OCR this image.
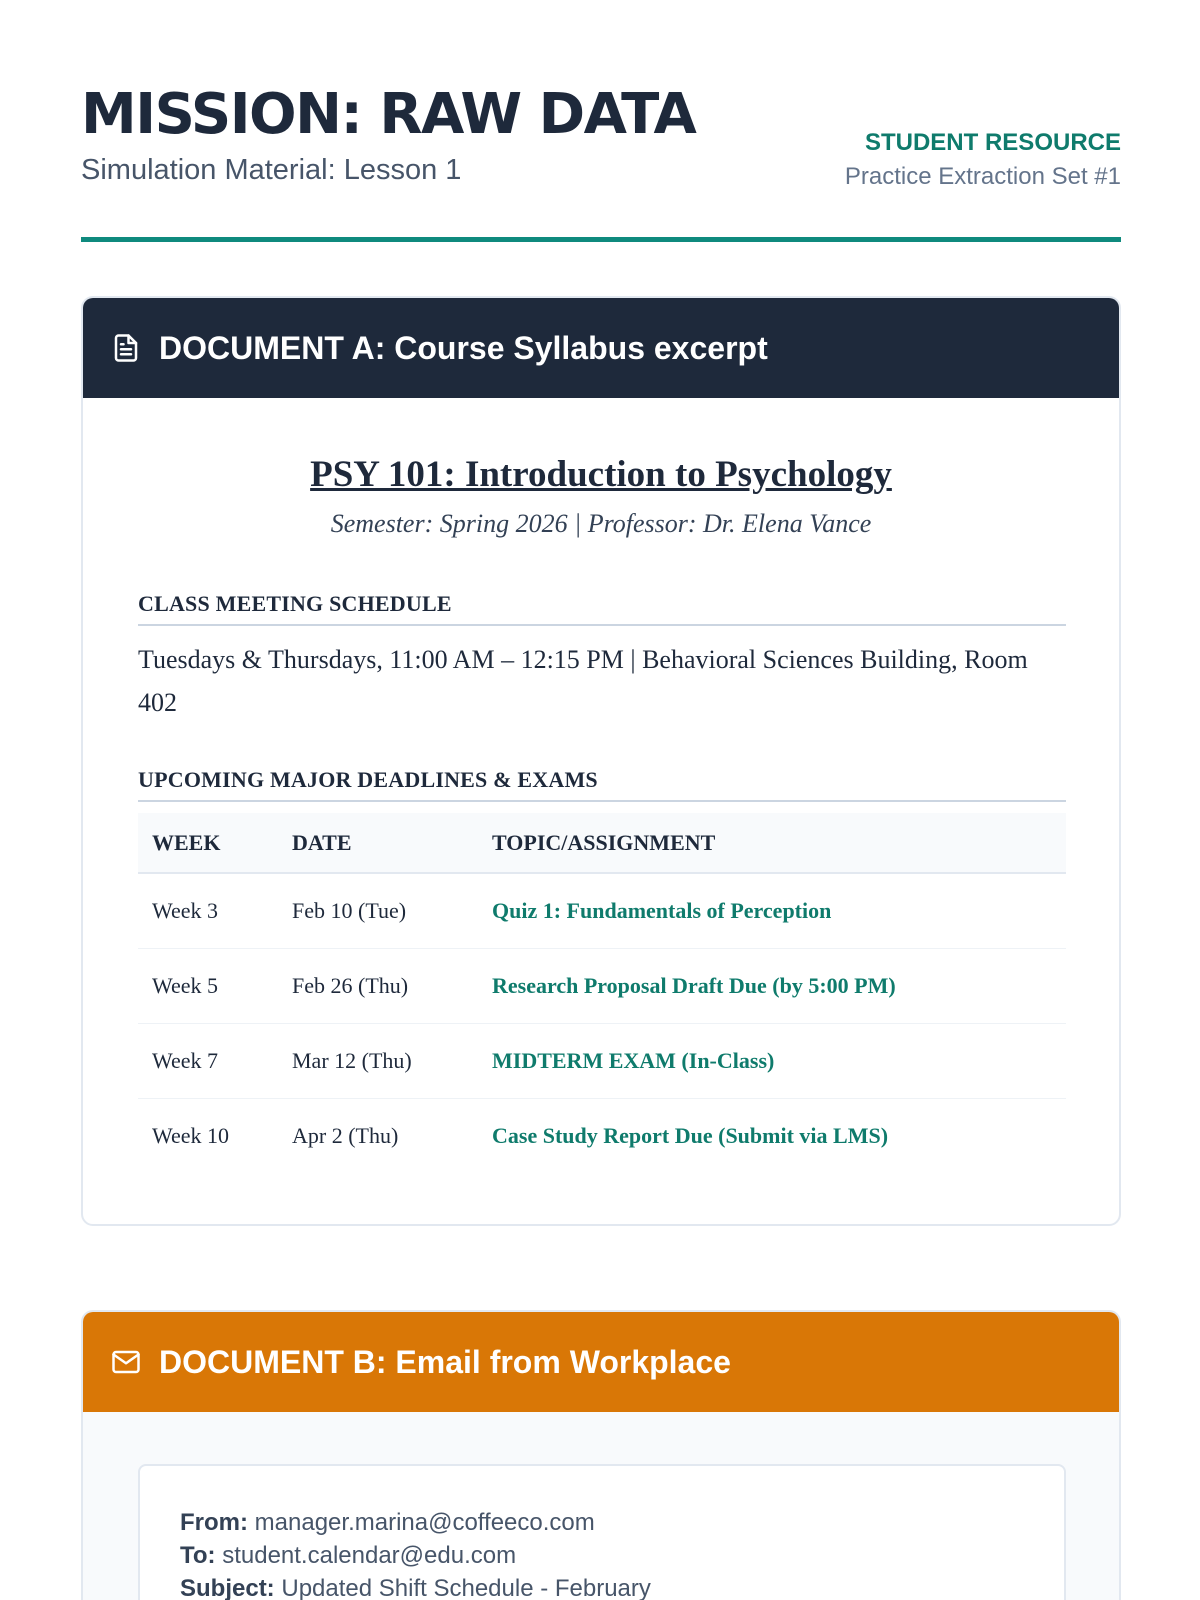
MISSION: RAW DATA
Simulation Material: Lesson 1
STUDENT RESOURCE
Practice Extraction Set #1
DOCUMENT A: Course Syllabus excerpt
PSY 101: Introduction to Psychology
Semester: Spring 2026 | Professor: Dr. Elena Vance
CLASS MEETING SCHEDULE
Tuesdays & Thursdays, 11:00 AM – 12:15 PM | Behavioral Sciences Building, Room 402
UPCOMING MAJOR DEADLINES & EXAMS
WEEK	DATE	TOPIC/ASSIGNMENT
Week 3	Feb 10 (Tue)	Quiz 1: Fundamentals of Perception
Week 5	Feb 26 (Thu)	Research Proposal Draft Due (by 5:00 PM)
Week 7	Mar 12 (Thu)	MIDTERM EXAM (In-Class)
Week 10	Apr 2 (Thu)	Case Study Report Due (Submit via LMS)
DOCUMENT B: Email from Workplace
From: manager.marina@coffeeco.com
To: student.calendar@edu.com
Subject: Updated Shift Schedule - February
